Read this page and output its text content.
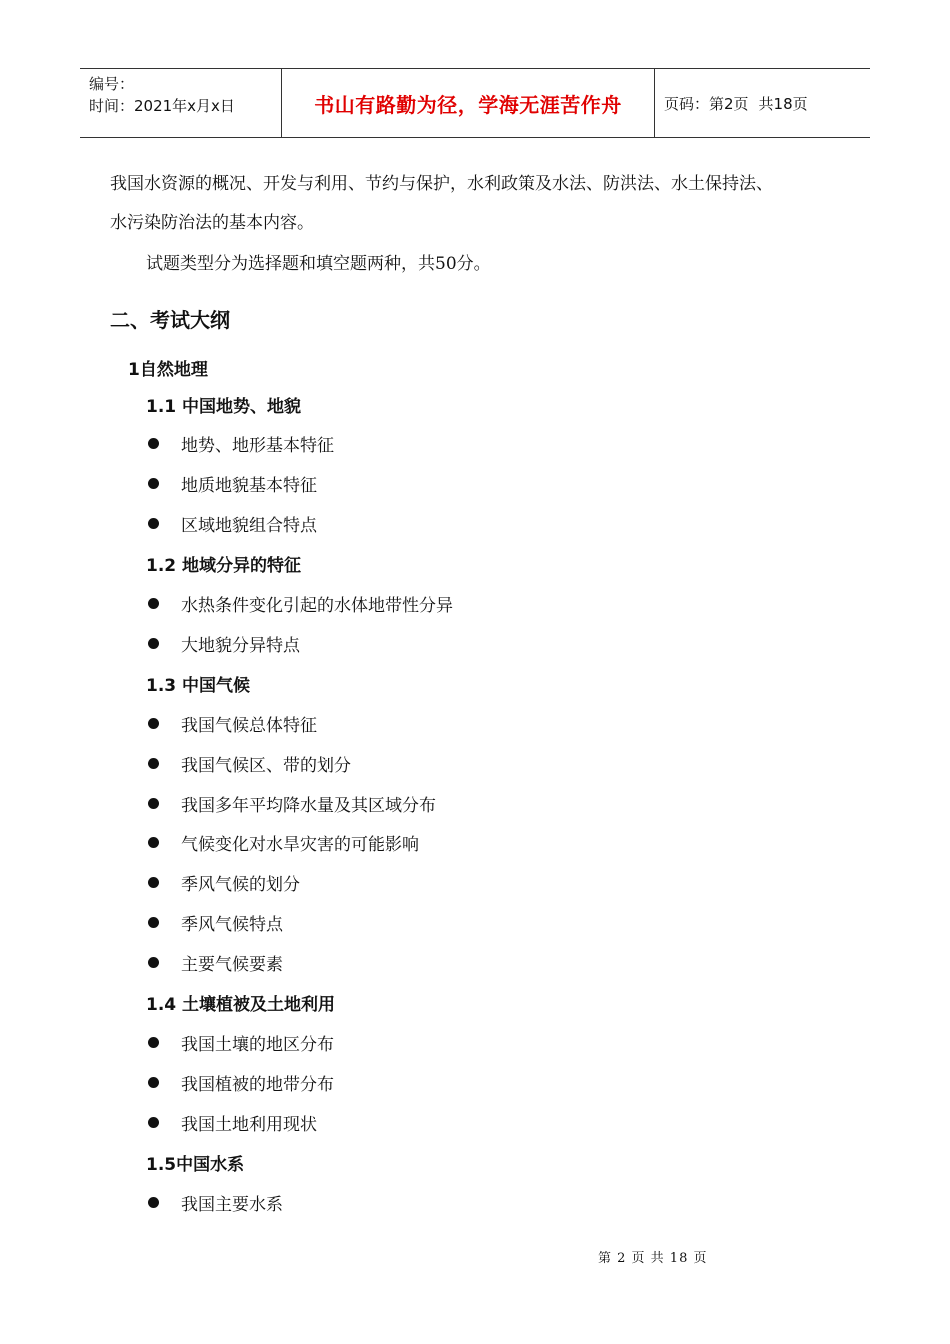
编号：
时间：2021年x月x日	书山有路勤为径，学海无涯苦作舟	页码：第2页 共18页
我国水资源的概况、开发与利用、节约与保护，水利政策及水法、防洪法、水土保持法、
水污染防治法的基本内容。
试题类型分为选择题和填空题两种，共50分。
二、考试大纲
1自然地理
1.1 中国地势、地貌
地势、地形基本特征
地质地貌基本特征
区域地貌组合特点
1.2 地域分异的特征
水热条件变化引起的水体地带性分异
大地貌分异特点
1.3 中国气候
我国气候总体特征
我国气候区、带的划分
我国多年平均降水量及其区域分布
气候变化对水旱灾害的可能影响
季风气候的划分
季风气候特点
主要气候要素
1.4 土壤植被及土地利用
我国土壤的地区分布
我国植被的地带分布
我国土地利用现状
1.5中国水系
我国主要水系
第 2 页 共 18 页
